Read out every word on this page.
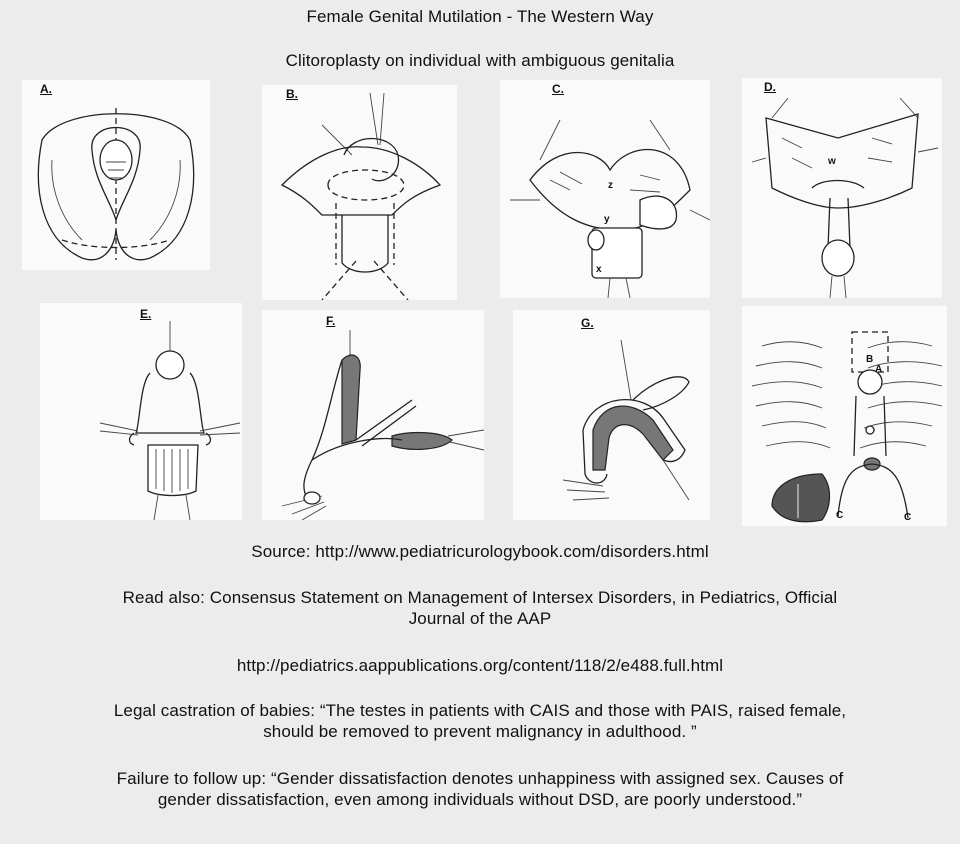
Female Genital Mutilation - The Western Way
Clitoroplasty on individual with ambiguous genitalia
A.	B.	C.
z
y
x
D.
w
E.	F.	G.
B
A
C	C
Source: http://www.pediatricurologybook.com/disorders.html
Read also: Consensus Statement on Management of Intersex Disorders, in Pediatrics, Official
Journal of the AAP
http://pediatrics.aappublications.org/content/118/2/e488.full.html
Legal castration of babies: “The testes in patients with CAIS and those with PAIS, raised female,
should be removed to prevent malignancy in adulthood. ”
Failure to follow up: “Gender dissatisfaction denotes unhappiness with assigned sex. Causes of
gender dissatisfaction, even among individuals without DSD, are poorly understood.”
